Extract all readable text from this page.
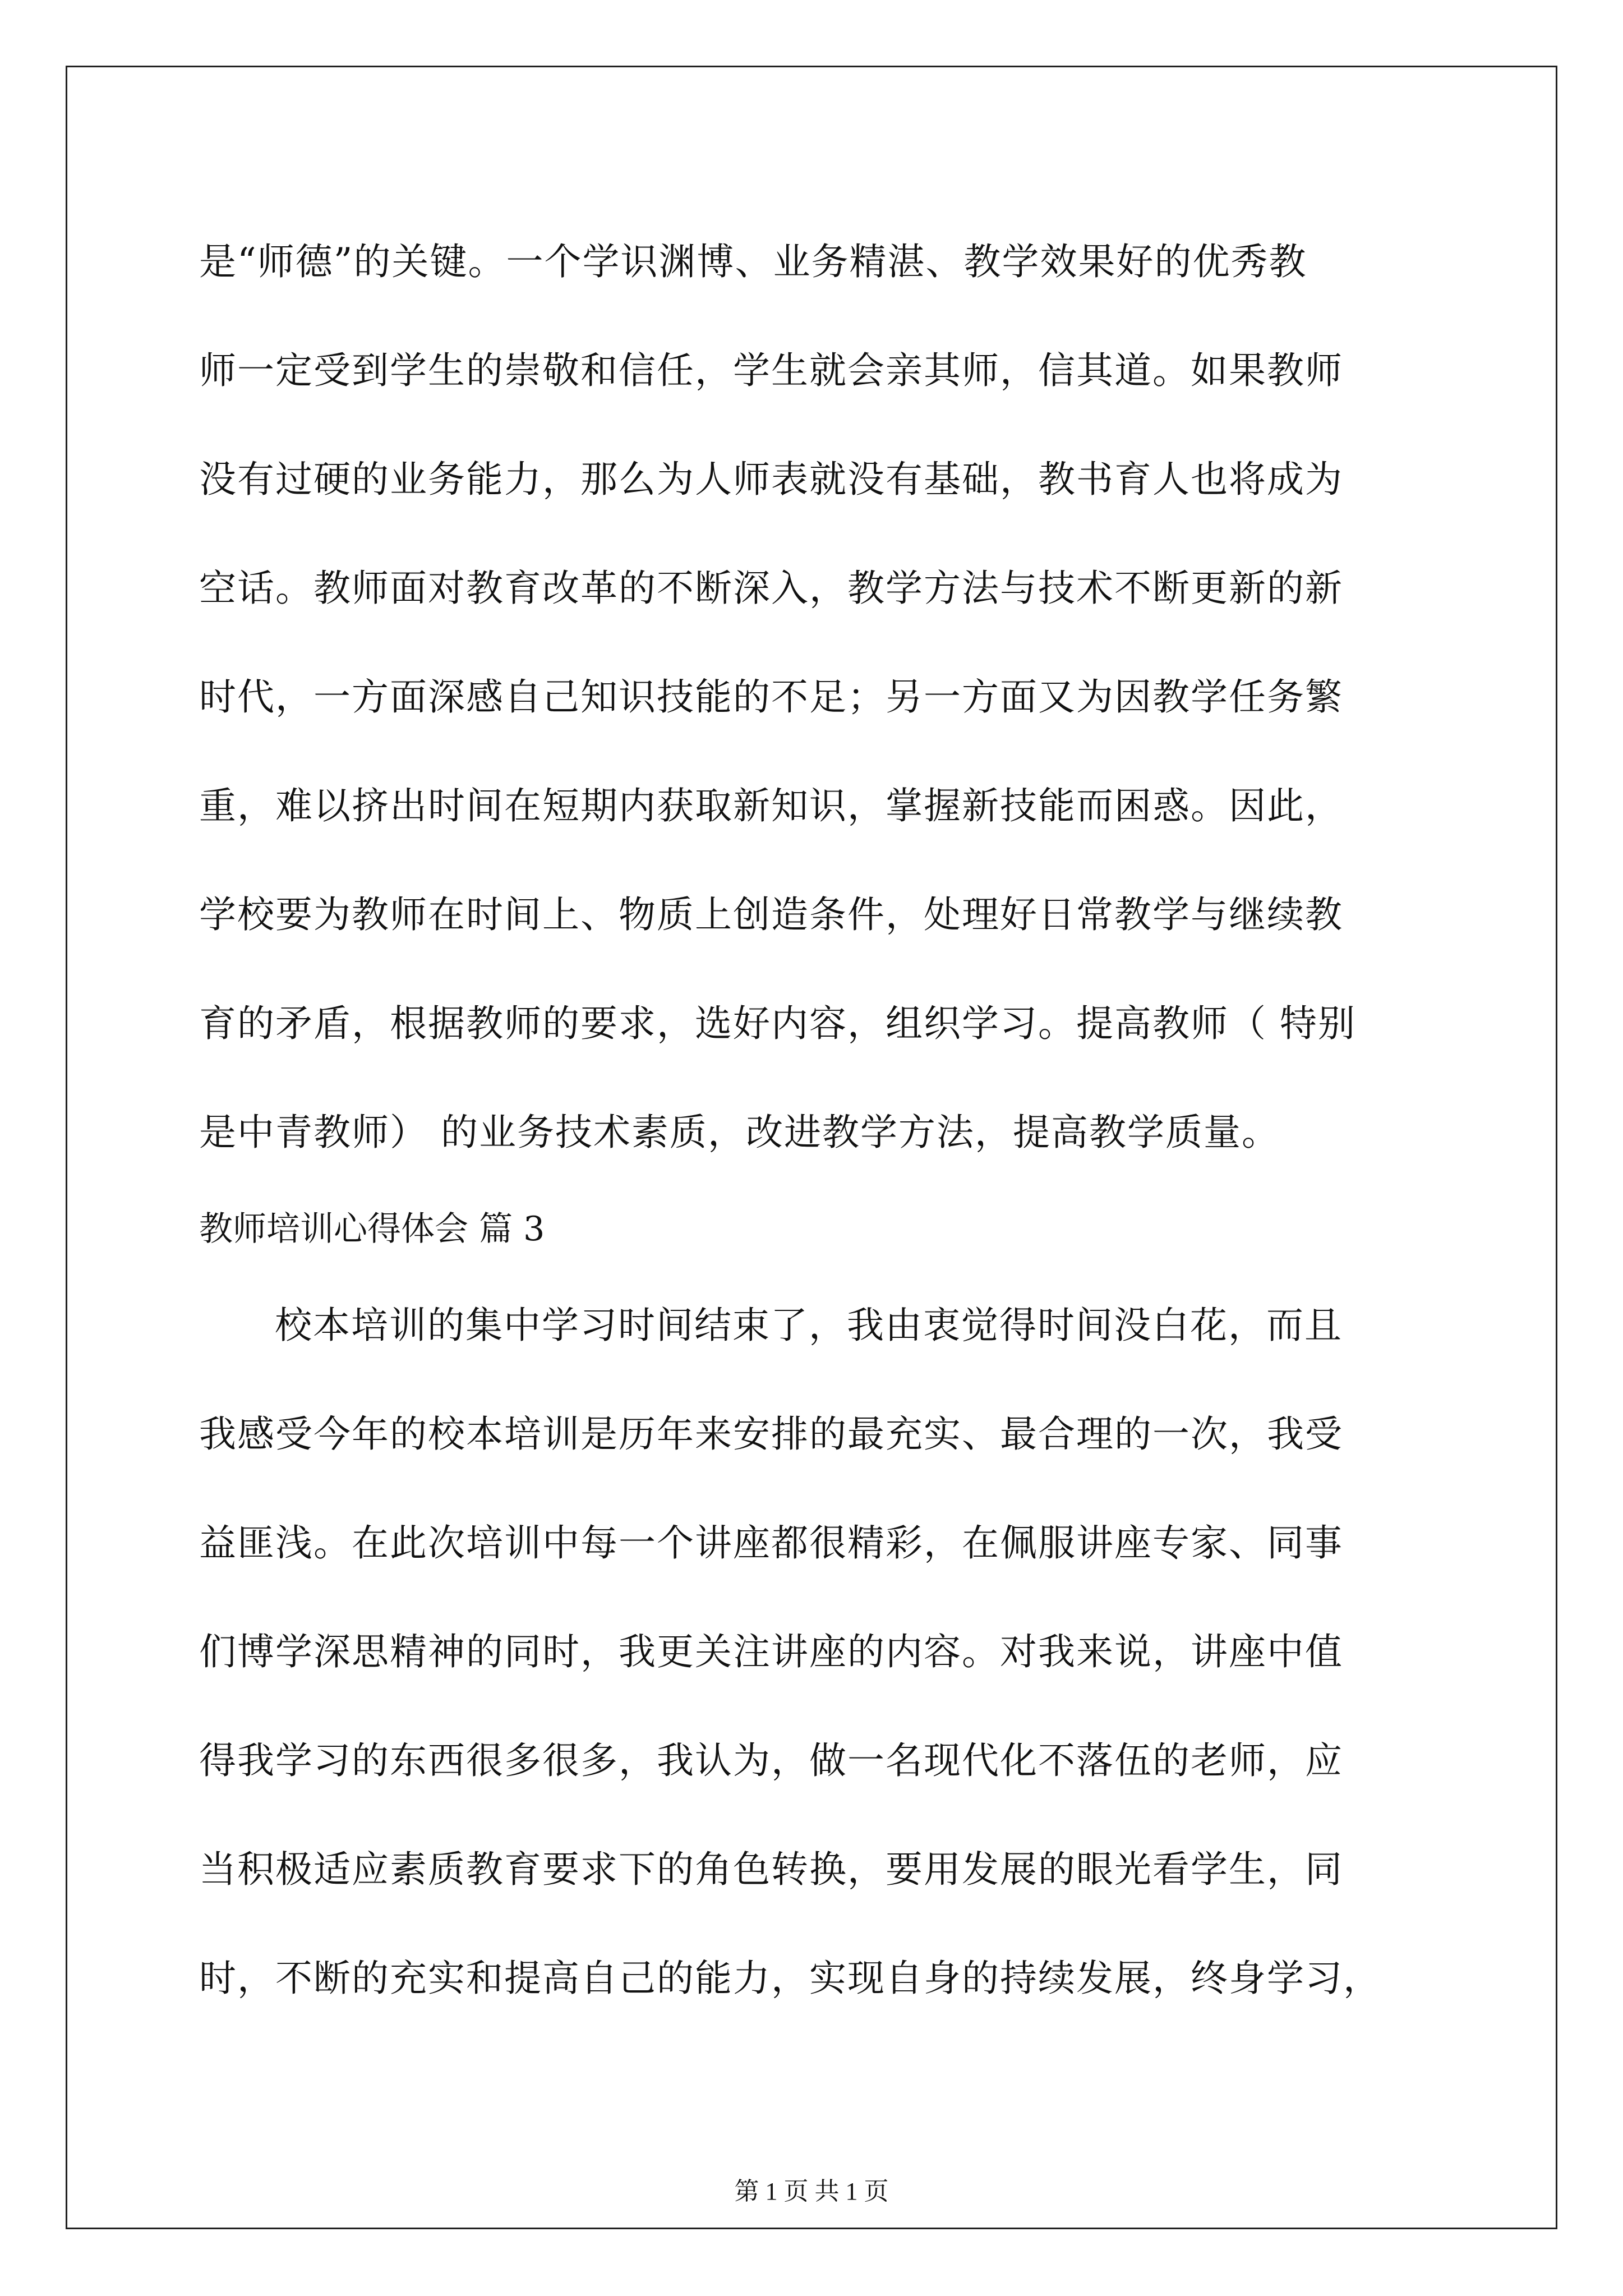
是“师德”的关键。一个学识渊博、业务精湛、教学效果好的优秀教
师一定受到学生的崇敬和信任，学生就会亲其师，信其道。如果教师
没有过硬的业务能力，那么为人师表就没有基础，教书育人也将成为
空话。教师面对教育改革的不断深入，教学方法与技术不断更新的新
时代，一方面深感自己知识技能的不足；另一方面又为因教学任务繁
重，难以挤出时间在短期内获取新知识，掌握新技能而困惑。因此，
学校要为教师在时间上、物质上创造条件，处理好日常教学与继续教
育的矛盾，根据教师的要求，选好内容，组织学习。提高教师（ 特别
是中青教师） 的业务技术素质，改进教学方法，提高教学质量。
教师培训心得体会 篇 3
校本培训的集中学习时间结束了，我由衷觉得时间没白花，而且
我感受今年的校本培训是历年来安排的最充实、最合理的一次，我受
益匪浅。在此次培训中每一个讲座都很精彩，在佩服讲座专家、同事
们博学深思精神的同时，我更关注讲座的内容。对我来说，讲座中值
得我学习的东西很多很多，我认为，做一名现代化不落伍的老师，应
当积极适应素质教育要求下的角色转换，要用发展的眼光看学生，同
时，不断的充实和提高自己的能力，实现自身的持续发展，终身学习，
第 1 页 共 1 页
